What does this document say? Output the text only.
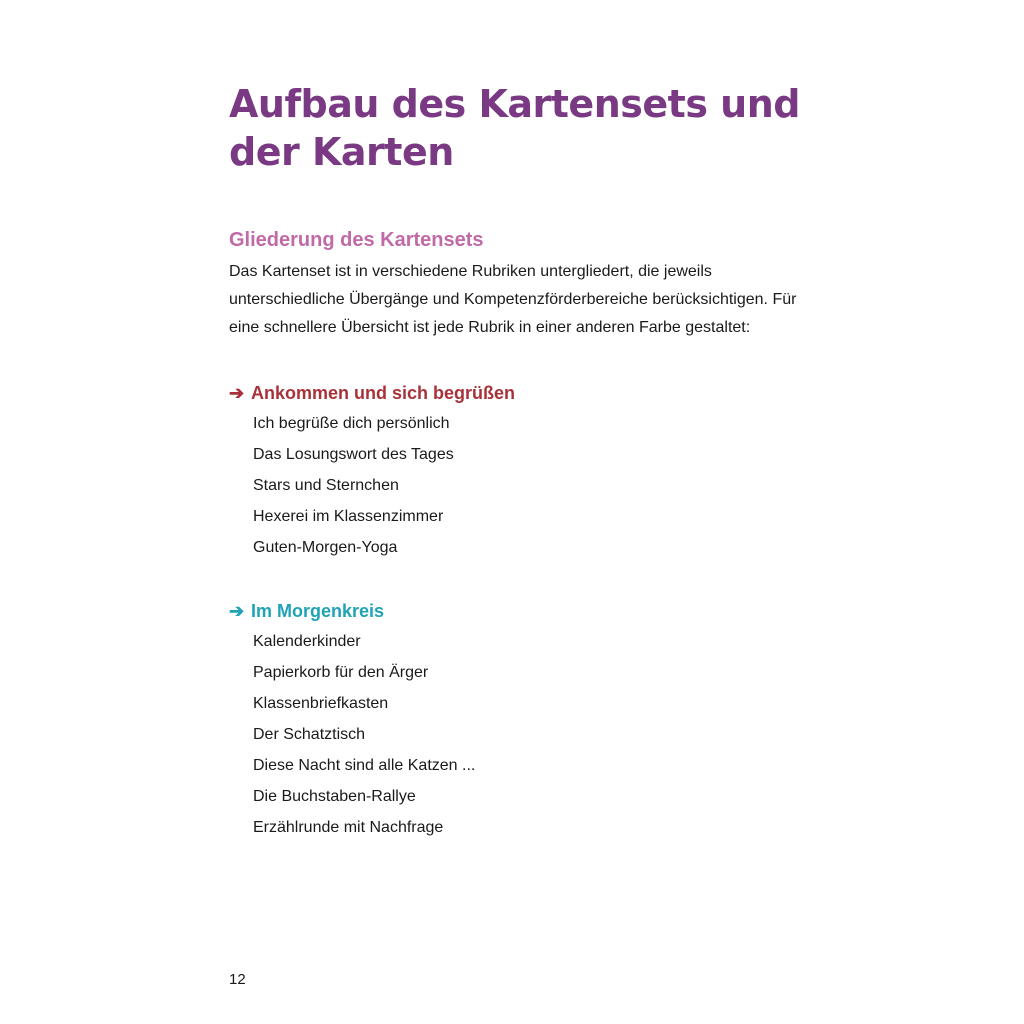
Aufbau des Kartensets und der Karten
Gliederung des Kartensets

Das Kartenset ist in verschiedene Rubriken untergliedert, die jeweils unterschiedliche Übergänge und Kompetenzförderbereiche berücksichtigen. Für eine schnellere Übersicht ist jede Rubrik in einer anderen Farbe gestaltet:

➔ Ankommen und sich begrüßen
Ich begrüße dich persönlich
Das Losungswort des Tages
Stars und Sternchen
Hexerei im Klassenzimmer
Guten-Morgen-Yoga
➔ Im Morgenkreis
Kalenderkinder
Papierkorb für den Ärger
Klassenbriefkasten
Der Schatztisch
Diese Nacht sind alle Katzen ...
Die Buchstaben-Rallye
Erzählrunde mit Nachfrage
12
